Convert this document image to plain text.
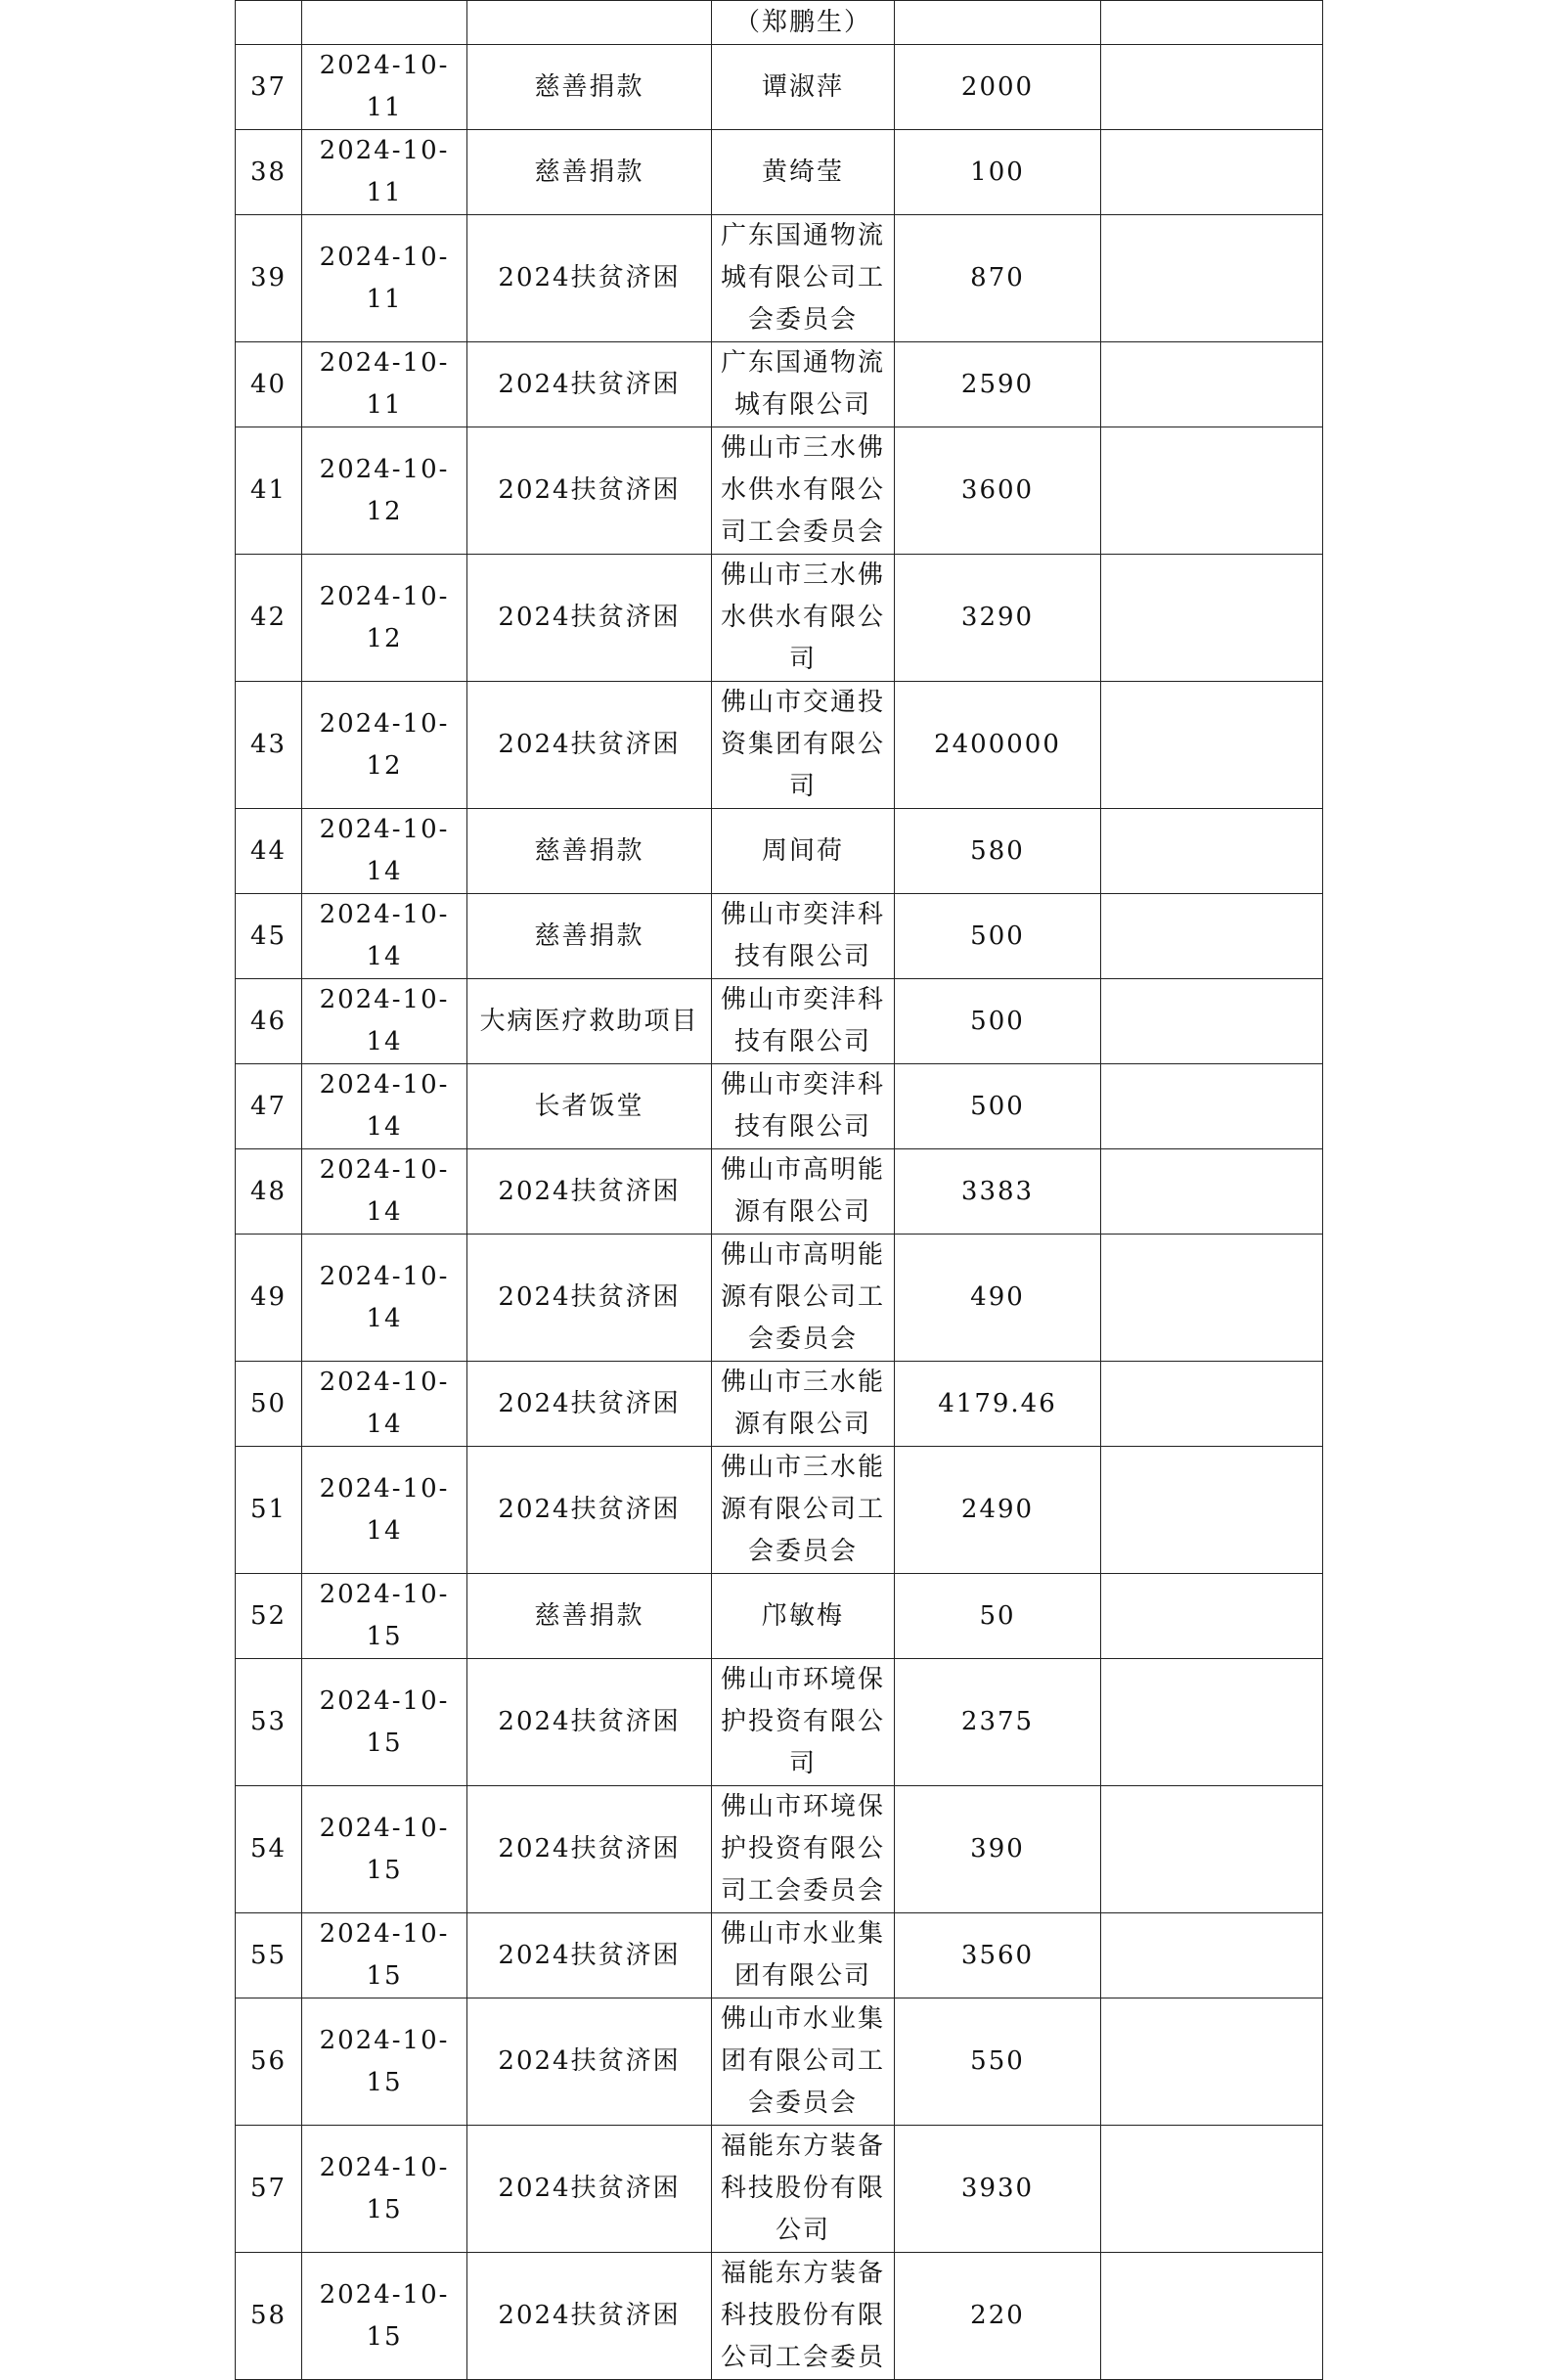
			（郑鹏生）		
37	2024-10-11	慈善捐款	谭淑萍	2000	
38	2024-10-11	慈善捐款	黄绮莹	100	
39	2024-10-11	2024扶贫济困	广东国通物流城有限公司工会委员会	870	
40	2024-10-11	2024扶贫济困	广东国通物流城有限公司	2590	
41	2024-10-12	2024扶贫济困	佛山市三水佛水供水有限公司工会委员会	3600	
42	2024-10-12	2024扶贫济困	佛山市三水佛水供水有限公司	3290	
43	2024-10-12	2024扶贫济困	佛山市交通投资集团有限公司	2400000	
44	2024-10-14	慈善捐款	周间荷	580	
45	2024-10-14	慈善捐款	佛山市奕沣科技有限公司	500	
46	2024-10-14	大病医疗救助项目	佛山市奕沣科技有限公司	500	
47	2024-10-14	长者饭堂	佛山市奕沣科技有限公司	500	
48	2024-10-14	2024扶贫济困	佛山市高明能源有限公司	3383	
49	2024-10-14	2024扶贫济困	佛山市高明能源有限公司工会委员会	490	
50	2024-10-14	2024扶贫济困	佛山市三水能源有限公司	4179.46	
51	2024-10-14	2024扶贫济困	佛山市三水能源有限公司工会委员会	2490	
52	2024-10-15	慈善捐款	邝敏梅	50	
53	2024-10-15	2024扶贫济困	佛山市环境保护投资有限公司	2375	
54	2024-10-15	2024扶贫济困	佛山市环境保护投资有限公司工会委员会	390	
55	2024-10-15	2024扶贫济困	佛山市水业集团有限公司	3560	
56	2024-10-15	2024扶贫济困	佛山市水业集团有限公司工会委员会	550	
57	2024-10-15	2024扶贫济困	福能东方装备科技股份有限公司	3930	
58	2024-10-15	2024扶贫济困	福能东方装备科技股份有限公司工会委员	220	
